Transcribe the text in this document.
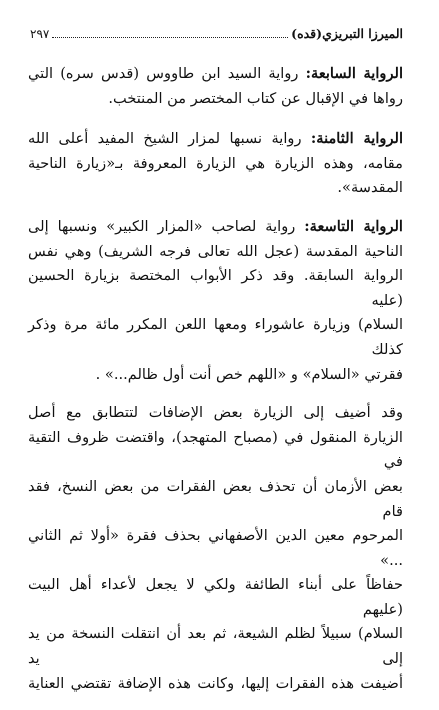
الميرزا التبريزي(قده)
٢٩٧
الرواية السابعة: رواية السيد ابن طاووس (قدس سره) التي
رواها في الإقبال عن كتاب المختصر من المنتخب.
الرواية الثامنة: رواية نسبها لمزار الشيخ المفيد أعلى الله
مقامه، وهذه الزيارة هي الزيارة المعروفة بـ«زيارة الناحية
المقدسة».
الرواية التاسعة: رواية لصاحب «المزار الكبير» ونسبها إلى
الناحية المقدسة (عجل الله تعالى فرجه الشريف) وهي نفس
الرواية السابقة. وقد ذكر الأبواب المختصة بزيارة الحسين (عليه
السلام) وزيارة عاشوراء ومعها اللعن المكرر مائة مرة وذكر كذلك
فقرتي «السلام» و «اللهم خص أنت أول ظالم...» .
وقد أضيف إلى الزيارة بعض الإضافات لتتطابق مع أصل
الزيارة المنقول في (مصباح المتهجد)، واقتضت ظروف التقية في
بعض الأزمان أن تحذف بعض الفقرات من بعض النسخ، فقد قام
المرحوم معين الدين الأصفهاني بحذف فقرة «أولا ثم الثاني ...»
حفاظاً على أبناء الطائفة ولكي لا يجعل لأعداء أهل البيت (عليهم
السلام) سبيلاً لظلم الشيعة، ثم بعد أن انتقلت النسخة من يد إلى يد
أضيفت هذه الفقرات إليها، وكانت هذه الإضافة تقتضي العناية
